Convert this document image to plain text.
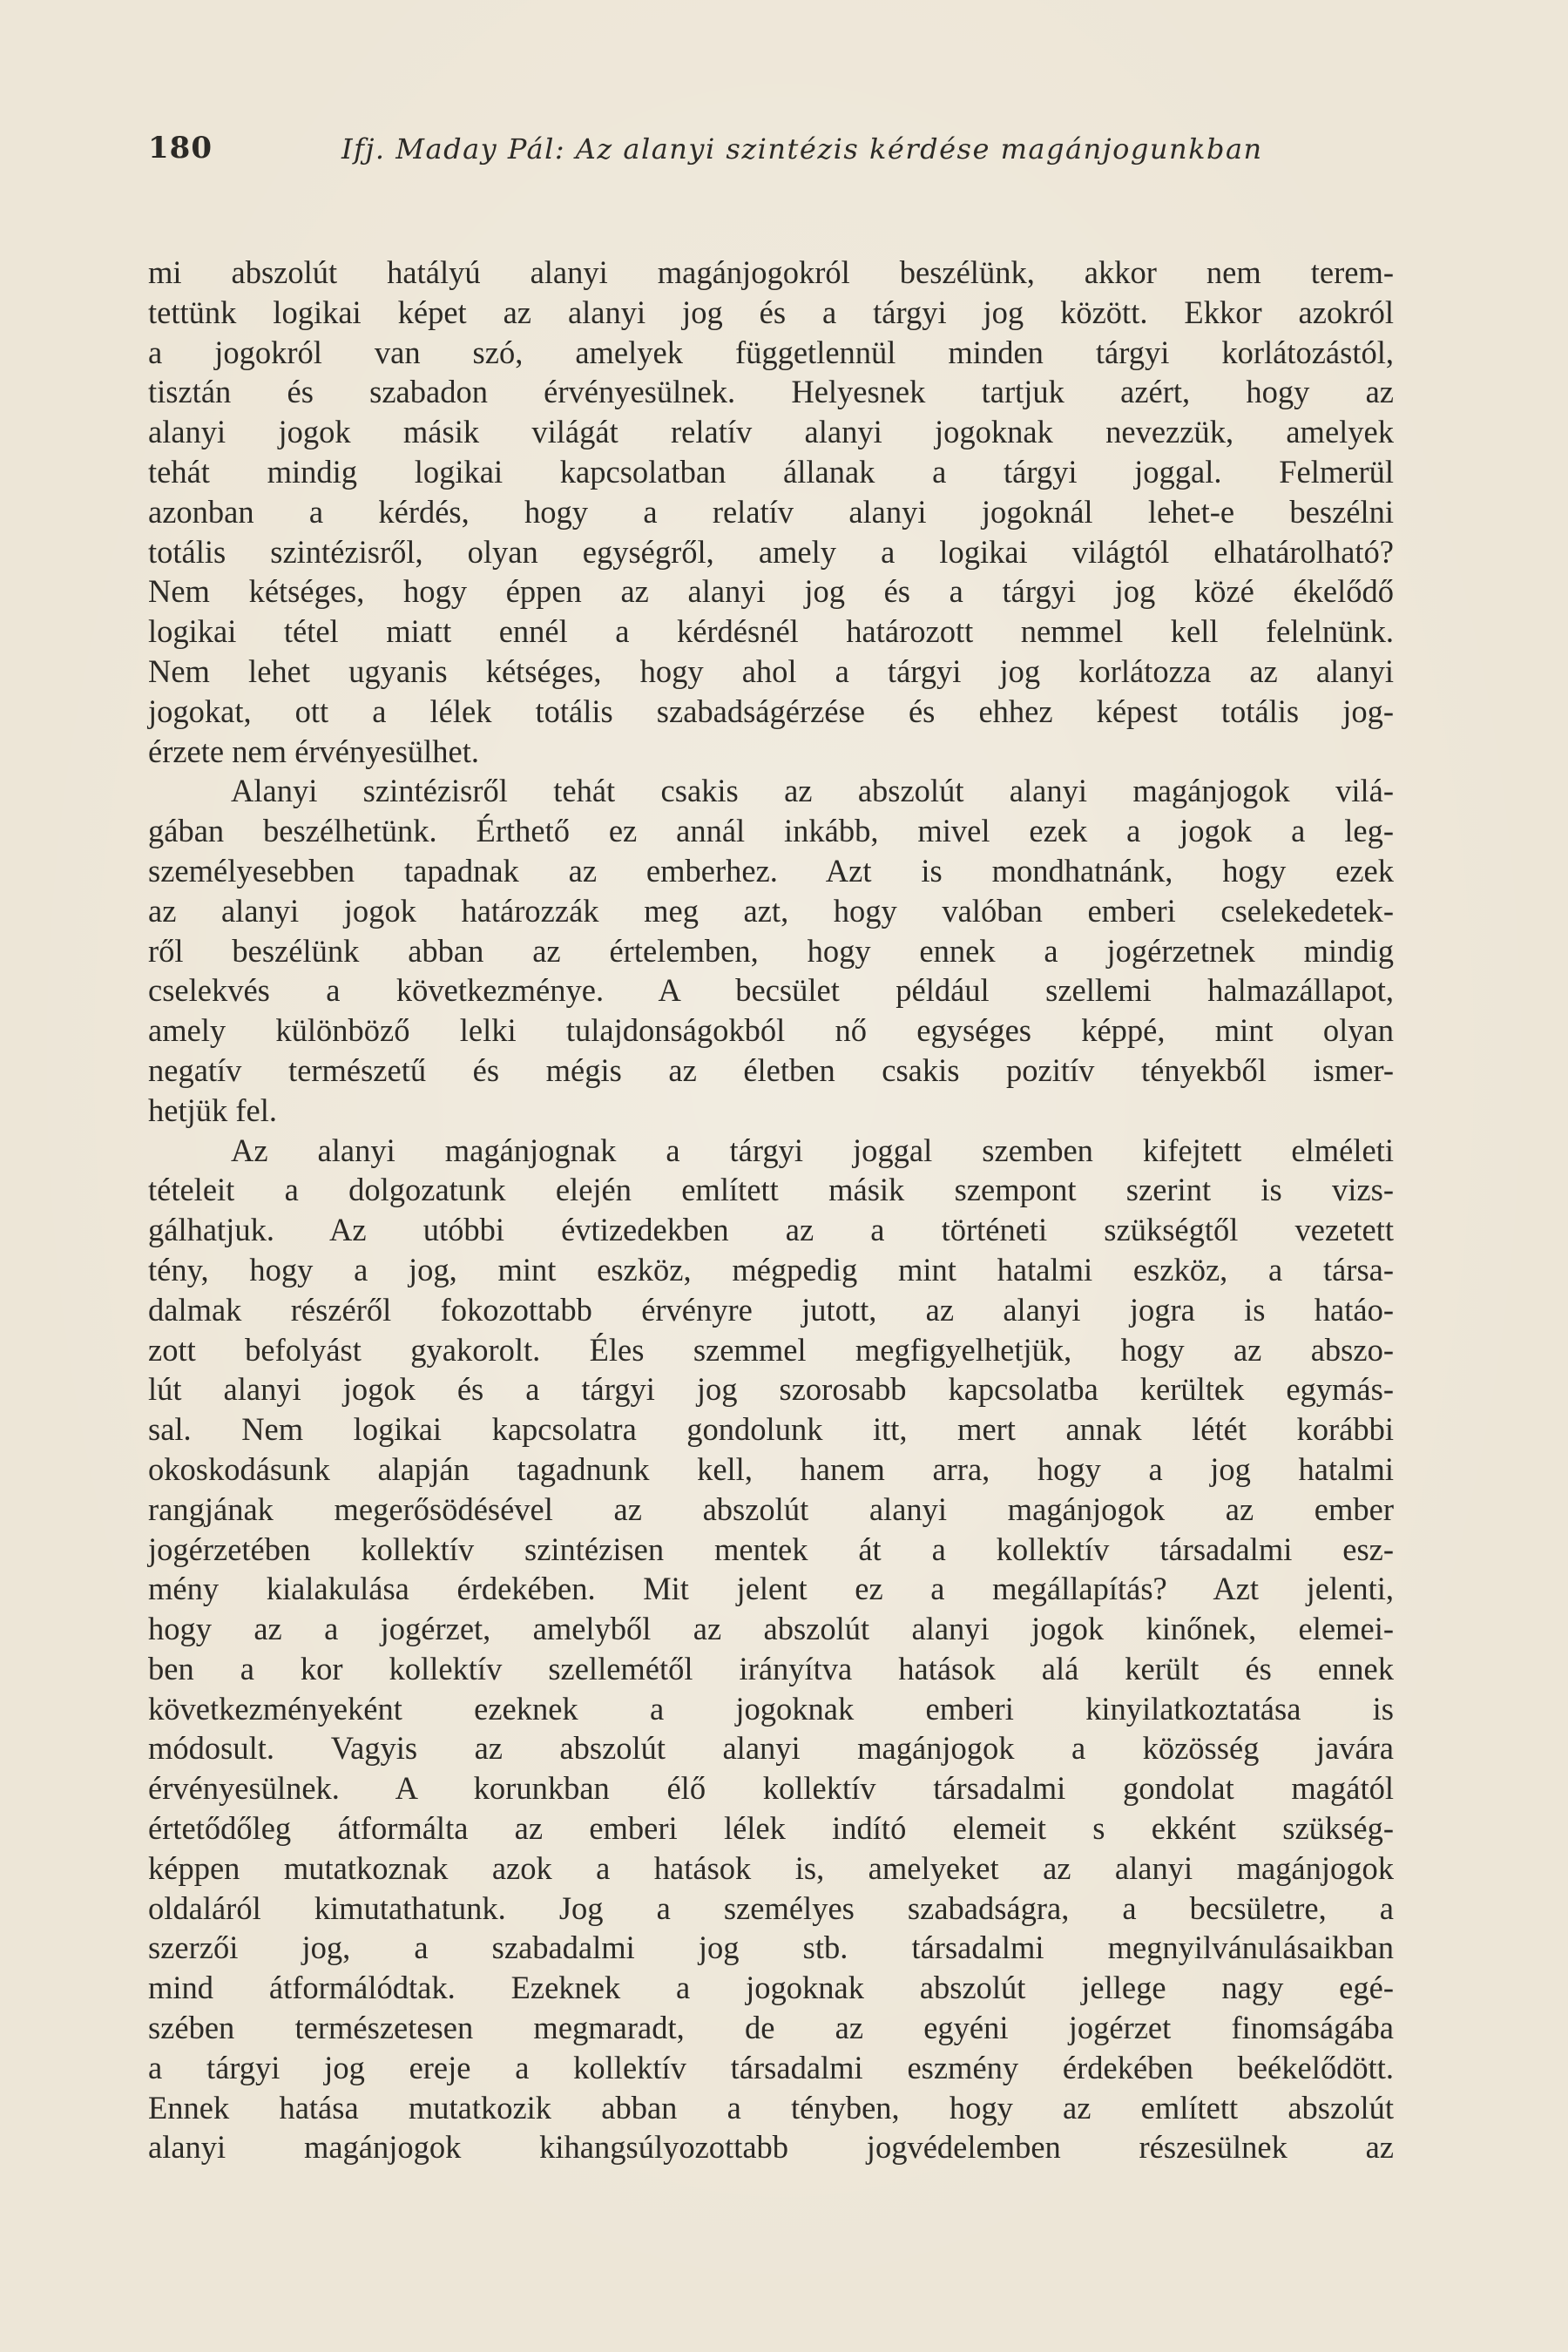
180	Ifj. Maday Pál: Az alanyi szintézis kérdése magánjogunkban
mi abszolút hatályú alanyi magánjogokról beszélünk, akkor nem terem-
tettünk logikai képet az alanyi jog és a tárgyi jog között. Ekkor azokról
a jogokról van szó, amelyek függetlennül minden tárgyi korlátozástól,
tisztán és szabadon érvényesülnek. Helyesnek tartjuk azért, hogy az
alanyi jogok másik világát relatív alanyi jogoknak nevezzük, amelyek
tehát mindig logikai kapcsolatban állanak a tárgyi joggal. Felmerül
azonban a kérdés, hogy a relatív alanyi jogoknál lehet-e beszélni
totális szintézisről, olyan egységről, amely a logikai világtól elhatárolható?
Nem kétséges, hogy éppen az alanyi jog és a tárgyi jog közé ékelődő
logikai tétel miatt ennél a kérdésnél határozott nemmel kell felelnünk.
Nem lehet ugyanis kétséges, hogy ahol a tárgyi jog korlátozza az alanyi
jogokat, ott a lélek totális szabadságérzése és ehhez képest totális jog-
érzete nem érvényesülhet.
Alanyi szintézisről tehát csakis az abszolút alanyi magánjogok vilá-
gában beszélhetünk. Érthető ez annál inkább, mivel ezek a jogok a leg-
személyesebben tapadnak az emberhez. Azt is mondhatnánk, hogy ezek
az alanyi jogok határozzák meg azt, hogy valóban emberi cselekedetek-
ről beszélünk abban az értelemben, hogy ennek a jogérzetnek mindig
cselekvés a következménye. A becsület például szellemi halmazállapot,
amely különböző lelki tulajdonságokból nő egységes képpé, mint olyan
negatív természetű és mégis az életben csakis pozitív tényekből ismer-
hetjük fel.
Az alanyi magánjognak a tárgyi joggal szemben kifejtett elméleti
tételeit a dolgozatunk elején említett másik szempont szerint is vizs-
gálhatjuk. Az utóbbi évtizedekben az a történeti szükségtől vezetett
tény, hogy a jog, mint eszköz, mégpedig mint hatalmi eszköz, a társa-
dalmak részéről fokozottabb érvényre jutott, az alanyi jogra is hatáo-
zott befolyást gyakorolt. Éles szemmel megfigyelhetjük, hogy az abszo-
lút alanyi jogok és a tárgyi jog szorosabb kapcsolatba kerültek egymás-
sal. Nem logikai kapcsolatra gondolunk itt, mert annak létét korábbi
okoskodásunk alapján tagadnunk kell, hanem arra, hogy a jog hatalmi
rangjának megerősödésével az abszolút alanyi magánjogok az ember
jogérzetében kollektív szintézisen mentek át a kollektív társadalmi esz-
mény kialakulása érdekében. Mit jelent ez a megállapítás? Azt jelenti,
hogy az a jogérzet, amelyből az abszolút alanyi jogok kinőnek, elemei-
ben a kor kollektív szellemétől irányítva hatások alá került és ennek
következményeként ezeknek a jogoknak emberi kinyilatkoztatása is
módosult. Vagyis az abszolút alanyi magánjogok a közösség javára
érvényesülnek. A korunkban élő kollektív társadalmi gondolat magától
értetődőleg átformálta az emberi lélek indító elemeit s ekként szükség-
képpen mutatkoznak azok a hatások is, amelyeket az alanyi magánjogok
oldaláról kimutathatunk. Jog a személyes szabadságra, a becsületre, a
szerzői jog, a szabadalmi jog stb. társadalmi megnyilvánulásaikban
mind átformálódtak. Ezeknek a jogoknak abszolút jellege nagy egé-
szében természetesen megmaradt, de az egyéni jogérzet finomságába
a tárgyi jog ereje a kollektív társadalmi eszmény érdekében beékelődött.
Ennek hatása mutatkozik abban a tényben, hogy az említett abszolút
alanyi magánjogok kihangsúlyozottabb jogvédelemben részesülnek az
